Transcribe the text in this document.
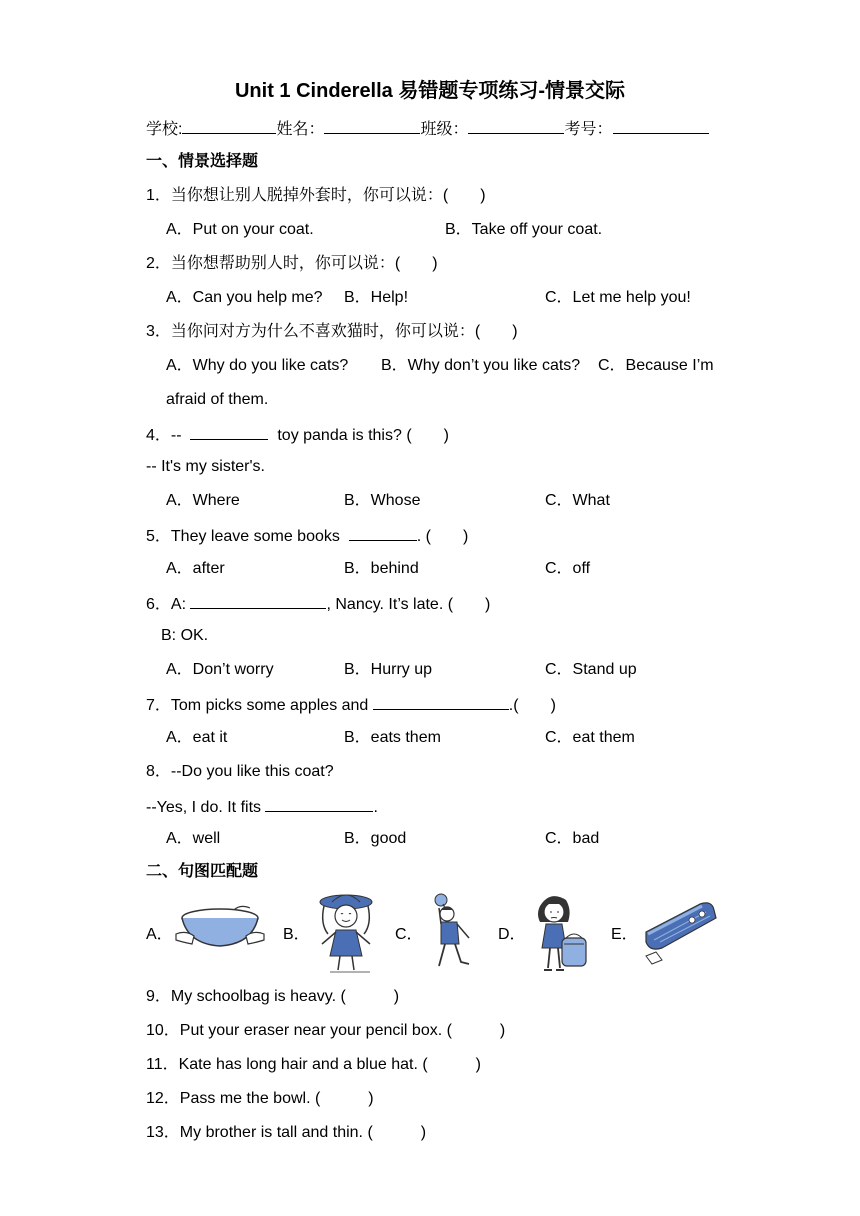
Unit 1 Cinderella 易错题专项练习-情景交际
学校:	姓名：	班级：	考号：
一、情景选择题
1．当你想让别人脱掉外套时，你可以说：(　　)
A．Put on your coat.	B．Take off your coat.
2．当你想帮助别人时，你可以说：(　　)
A．Can you help me? B．Help!	C．Let me help you!
3．当你问对方为什么不喜欢猫时，你可以说：(　　)
A．Why do you like cats? B．Why don’t you like cats? C．Because I’m
afraid of them.
4．--	toy panda is this? (　　)
-- It's my sister's.
A．Where	B．Whose	C．What
5．They leave some books	. (　　)
A．after	B．behind	C．off
6．A:	, Nancy. It’s late. (　　)
B: OK.
A．Don’t worry	B．Hurry up	C．Stand up
7．Tom picks some apples and	.(　　)
A．eat it	B．eats them	C．eat them
8．--Do you like this coat?
--Yes, I do. It fits	.
A．well	B．good	C．bad
二、句图匹配题
A．	B．	C．	D．	E．
9．My schoolbag is heavy. (　　　)
10．Put your eraser near your pencil box. (　　　)
11．Kate has long hair and a blue hat. (　　　)
12．Pass me the bowl. (　　　)
13．My brother is tall and thin. (　　　)
